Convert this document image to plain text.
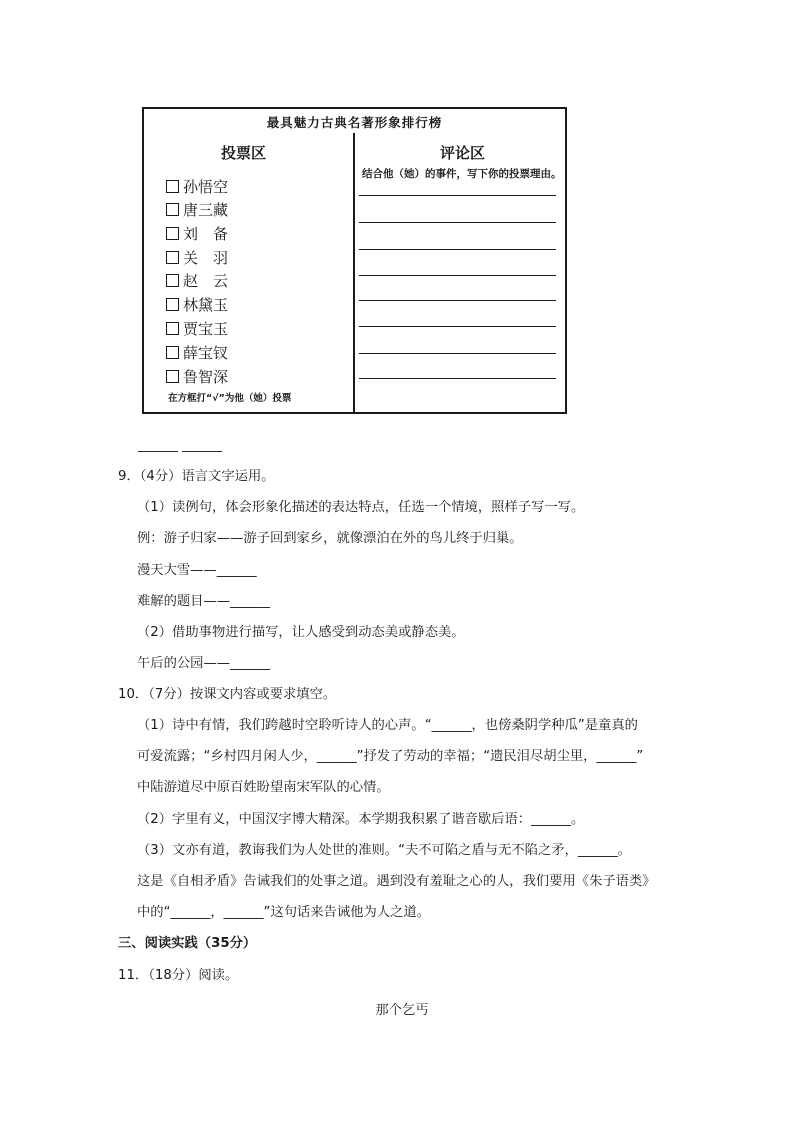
最具魅力古典名著形象排行榜
投票区	评论区
结合他（她）的事件，写下你的投票理由。
孙悟空
唐三藏
刘　备
关　羽
赵　云
林黛玉
贾宝玉
薛宝钗
鲁智深
在方框打“√”为他（她）投票
______ ______
9．（4分）语言文字运用。
（1）读例句，体会形象化描述的表达特点，任选一个情境，照样子写一写。
例：游子归家——游子回到家乡，就像漂泊在外的鸟儿终于归巢。
漫天大雪——______
难解的题目——______
（2）借助事物进行描写，让人感受到动态美或静态美。
午后的公园——______
10．（7分）按课文内容或要求填空。
（1）诗中有情，我们跨越时空聆听诗人的心声。“______，也傍桑阴学种瓜”是童真的
可爱流露；“乡村四月闲人少，______”抒发了劳动的幸福；“遗民泪尽胡尘里，______”
中陆游道尽中原百姓盼望南宋军队的心情。
（2）字里有义，中国汉字博大精深。本学期我积累了谐音歇后语：______。
（3）文亦有道，教诲我们为人处世的准则。“夫不可陷之盾与无不陷之矛，______。
这是《自相矛盾》告诫我们的处事之道。遇到没有羞耻之心的人，我们要用《朱子语类》
中的“______，______”这句话来告诫他为人之道。
三、阅读实践（35分）
11．（18分）阅读。
那个乞丐
